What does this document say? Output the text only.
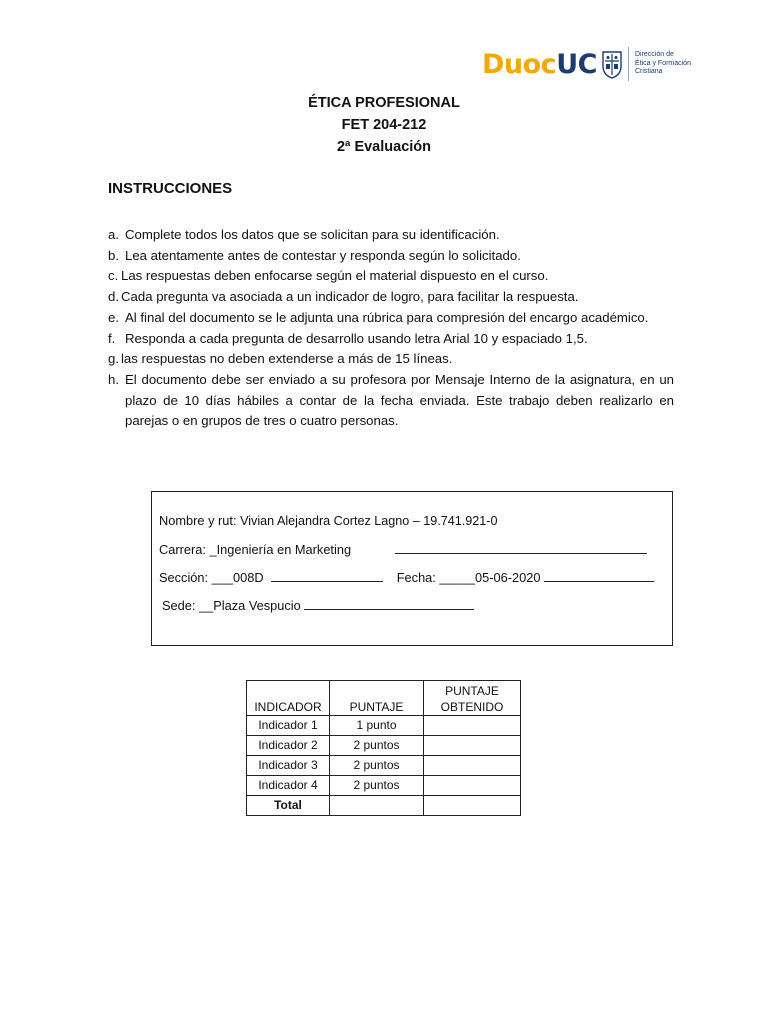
Duoc UC	Dirección de
Ética y Formación
Cristiana
ÉTICA PROFESIONAL
FET 204-212
2ª Evaluación
INSTRUCCIONES
a. Complete todos los datos que se solicitan para su identificación.
b. Lea atentamente antes de contestar y responda según lo solicitado.
c. Las respuestas deben enfocarse según el material dispuesto en el curso.
d. Cada pregunta va asociada a un indicador de logro, para facilitar la respuesta.
e. Al final del documento se le adjunta una rúbrica para compresión del encargo académico.
f. Responda a cada pregunta de desarrollo usando letra Arial 10 y espaciado 1,5.
g. las respuestas no deben extenderse a más de 15 líneas.
h. El documento debe ser enviado a su profesora por Mensaje Interno de la asignatura, en un plazo de 10 días hábiles a contar de la fecha enviada. Este trabajo deben realizarlo en parejas o en grupos de tres o cuatro personas.
Nombre y rut: Vivian Alejandra Cortez Lagno – 19.741.921-0
Carrera: _Ingeniería en Marketing
Sección: ___008D	Fecha: _____05-06-2020
Sede: __Plaza Vespucio
INDICADOR	PUNTAJE	PUNTAJE OBTENIDO
Indicador 1	1 punto	
Indicador 2	2 puntos	
Indicador 3	2 puntos	
Indicador 4	2 puntos	
Total		
